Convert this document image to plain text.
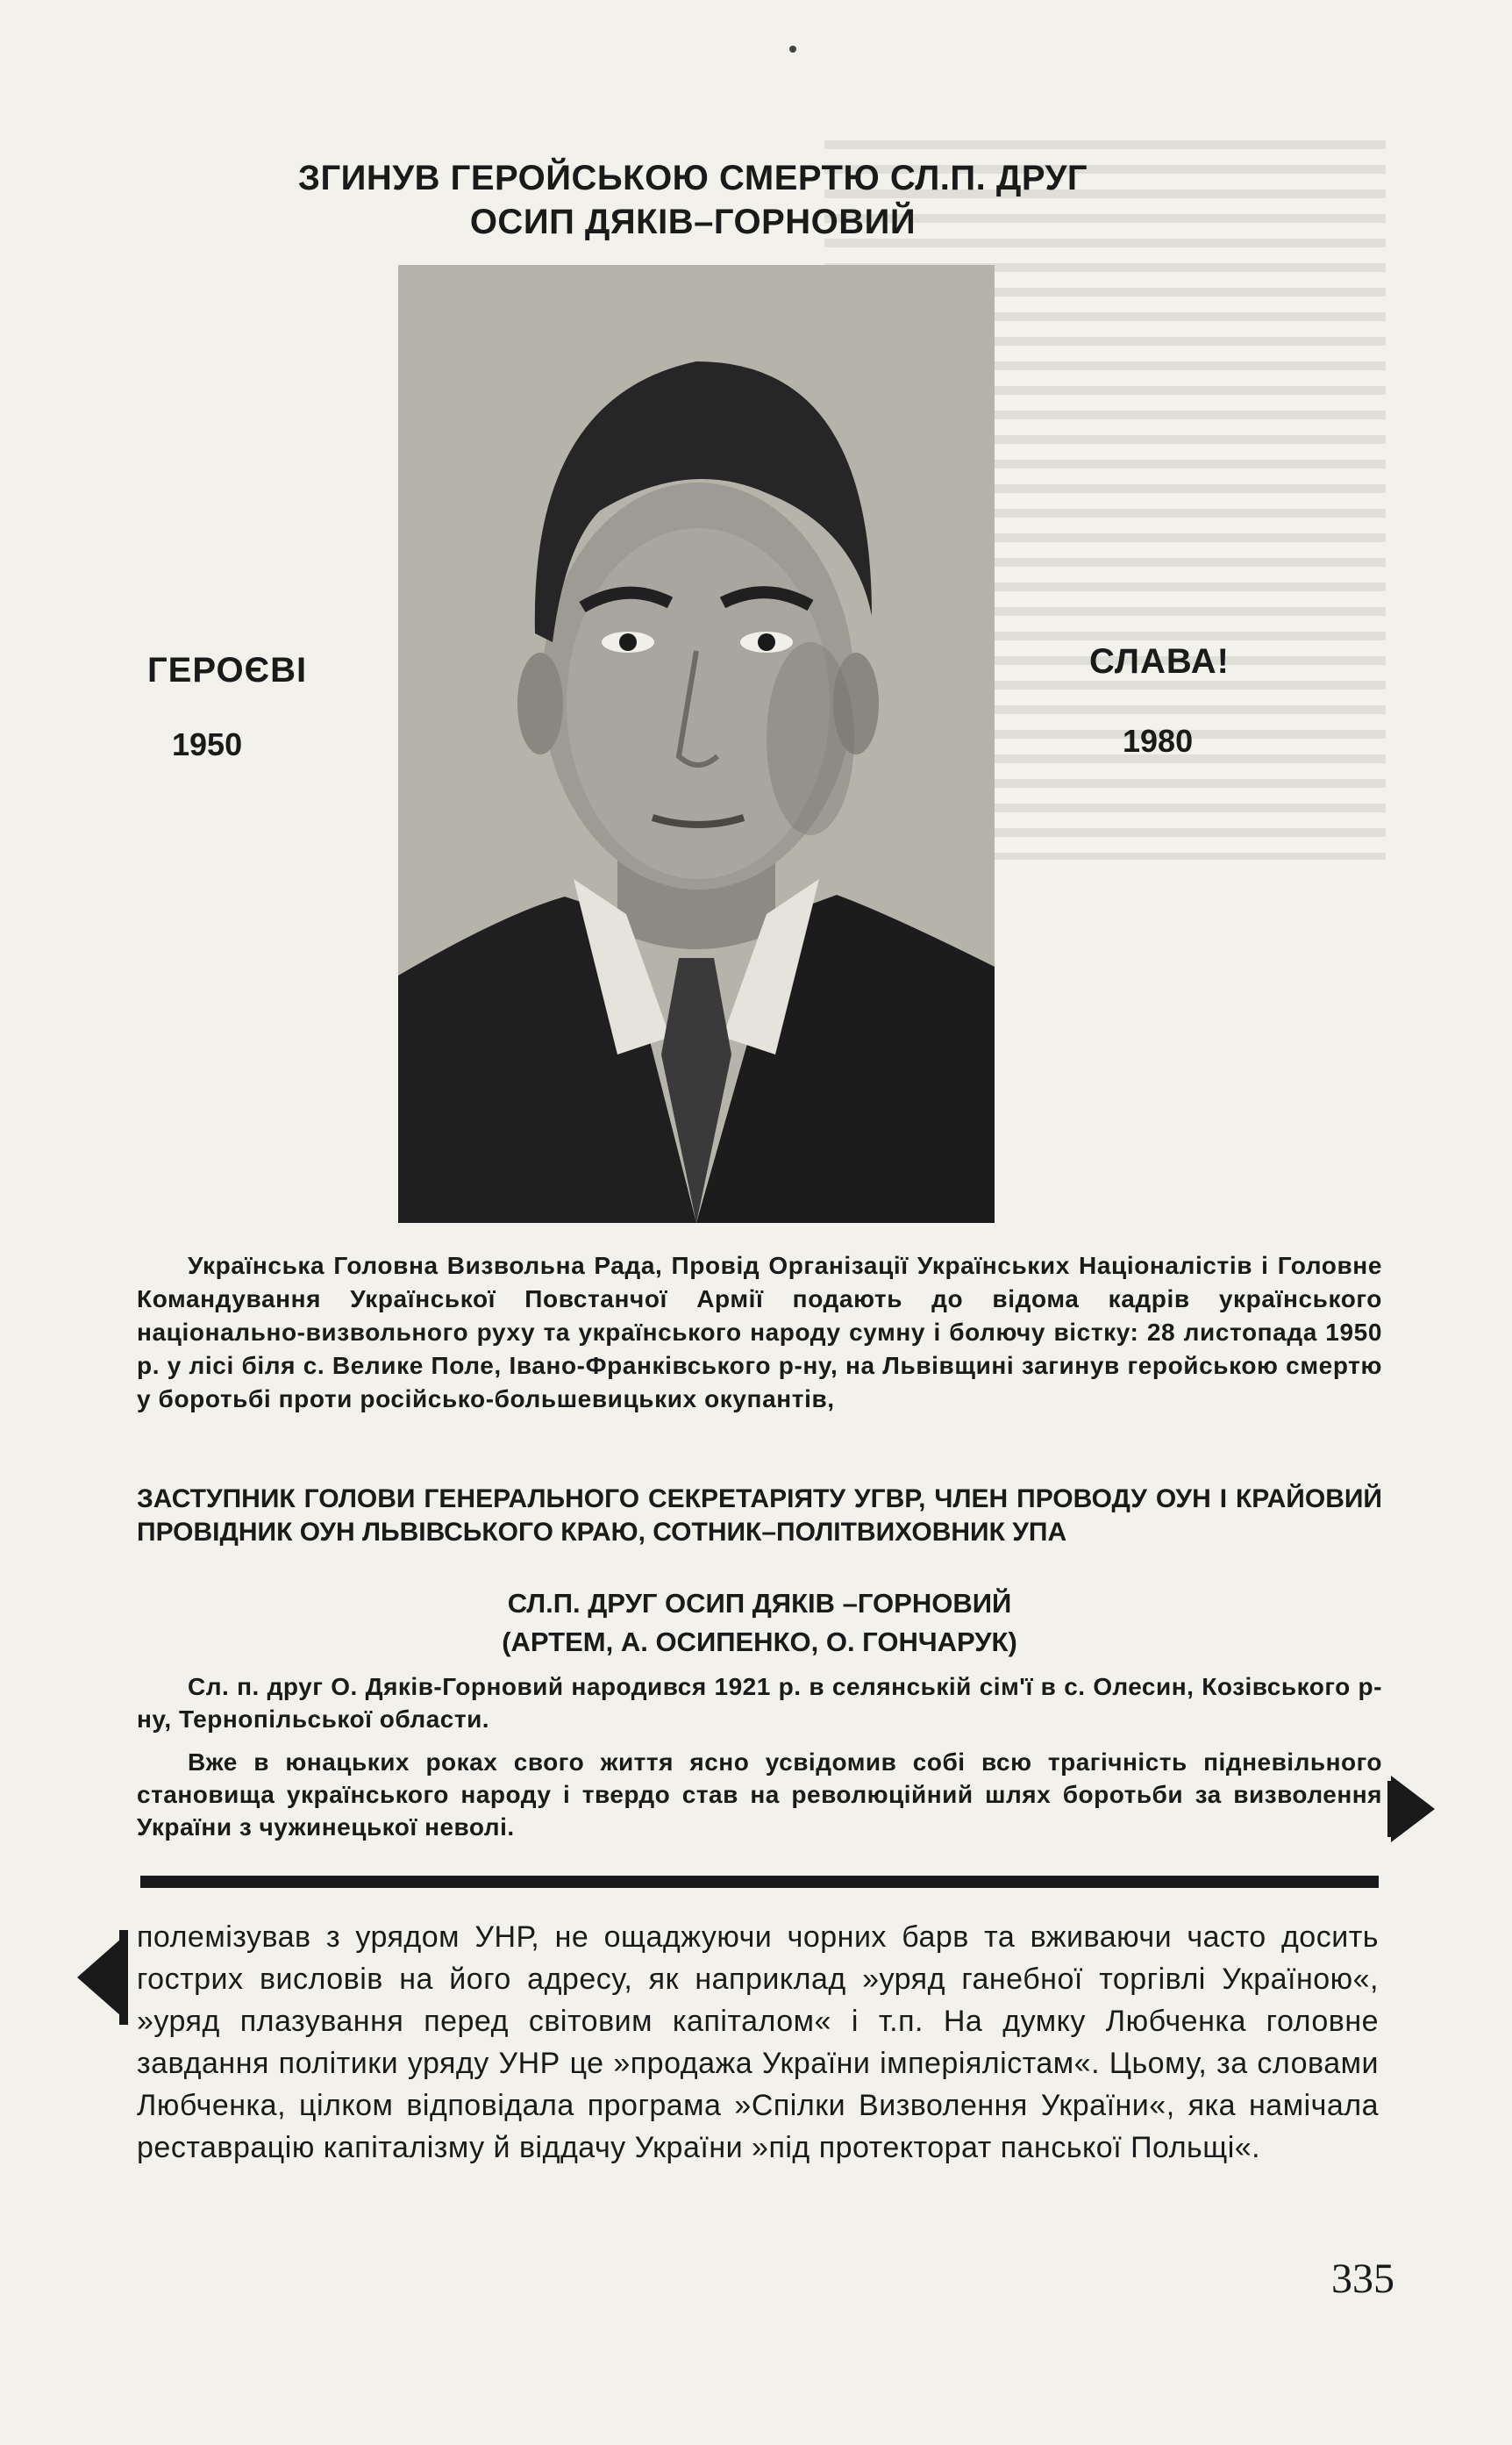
ЗГИНУВ ГЕРОЙСЬКОЮ СМЕРТЮ СЛ.П. ДРУГ
ОСИП ДЯКІВ–ГОРНОВИЙ
ГЕРОЄВІ
1950
СЛАВА!
1980
Українська Головна Визвольна Рада, Провід Організації Українських Націоналістів і Головне Командування Української Повстанчої Армії подають до відома кадрів українського національно-визвольного руху та українського народу сумну і болючу вістку: 28 листопада 1950 р. у лісі біля с. Велике Поле, Івано-Франківського р-ну, на Львівщині загинув геройською смертю у боротьбі проти російсько-большевицьких окупантів,
ЗАСТУПНИК ГОЛОВИ ГЕНЕРАЛЬНОГО СЕКРЕТАРІЯТУ УГВР, ЧЛЕН ПРОВОДУ ОУН І КРАЙОВИЙ ПРОВІДНИК ОУН ЛЬВІВСЬКОГО КРАЮ, СОТНИК–ПОЛІТВИХОВНИК УПА
СЛ.П. ДРУГ ОСИП ДЯКІВ –ГОРНОВИЙ
(АРТЕМ, А. ОСИПЕНКО, О. ГОНЧАРУК)
Сл. п. друг О. Дяків-Горновий народився 1921 р. в селянській сім'ї в с. Олесин, Козівського р-ну, Тернопільської области.
Вже в юнацьких роках свого життя ясно усвідомив собі всю трагічність підневільного становища українського народу і твердо став на революційний шлях боротьби за визволення України з чужинецької неволі.
полемізував з урядом УНР, не ощаджуючи чорних барв та вживаючи часто досить гострих висловів на його адресу, як наприклад »уряд ганебної торгівлі Україною«, »уряд плазування перед світовим капіталом« і т.п. На думку Любченка головне завдання політики уряду УНР це »продажа України імперіялістам«. Цьому, за словами Любченка, цілком відповідала програма »Спілки Визволення України«, яка намічала реставрацію капіталізму й віддачу України »під протекторат панської Польщі«.
335
